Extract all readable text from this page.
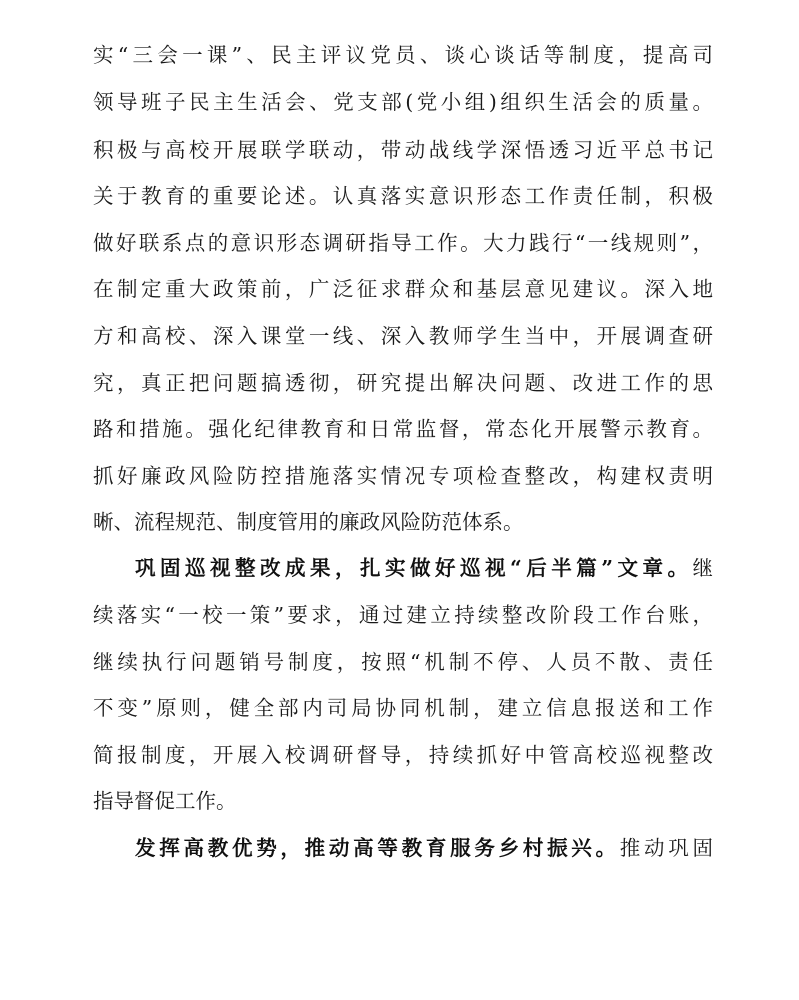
实“三会一课”、民主评议党员、谈心谈话等制度，提高司
领导班子民主生活会、党支部(党小组)组织生活会的质量。
积极与高校开展联学联动，带动战线学深悟透习近平总书记
关于教育的重要论述。认真落实意识形态工作责任制，积极
做好联系点的意识形态调研指导工作。大力践行“一线规则”，
在制定重大政策前，广泛征求群众和基层意见建议。深入地
方和高校、深入课堂一线、深入教师学生当中，开展调查研
究，真正把问题搞透彻，研究提出解决问题、改进工作的思
路和措施。强化纪律教育和日常监督，常态化开展警示教育。
抓好廉政风险防控措施落实情况专项检查整改，构建权责明
晰、流程规范、制度管用的廉政风险防范体系。
巩固巡视整改成果，扎实做好巡视“后半篇”文章。继
续落实“一校一策”要求，通过建立持续整改阶段工作台账，
继续执行问题销号制度，按照“机制不停、人员不散、责任
不变”原则，健全部内司局协同机制，建立信息报送和工作
简报制度，开展入校调研督导，持续抓好中管高校巡视整改
指导督促工作。
发挥高教优势，推动高等教育服务乡村振兴。推动巩固
